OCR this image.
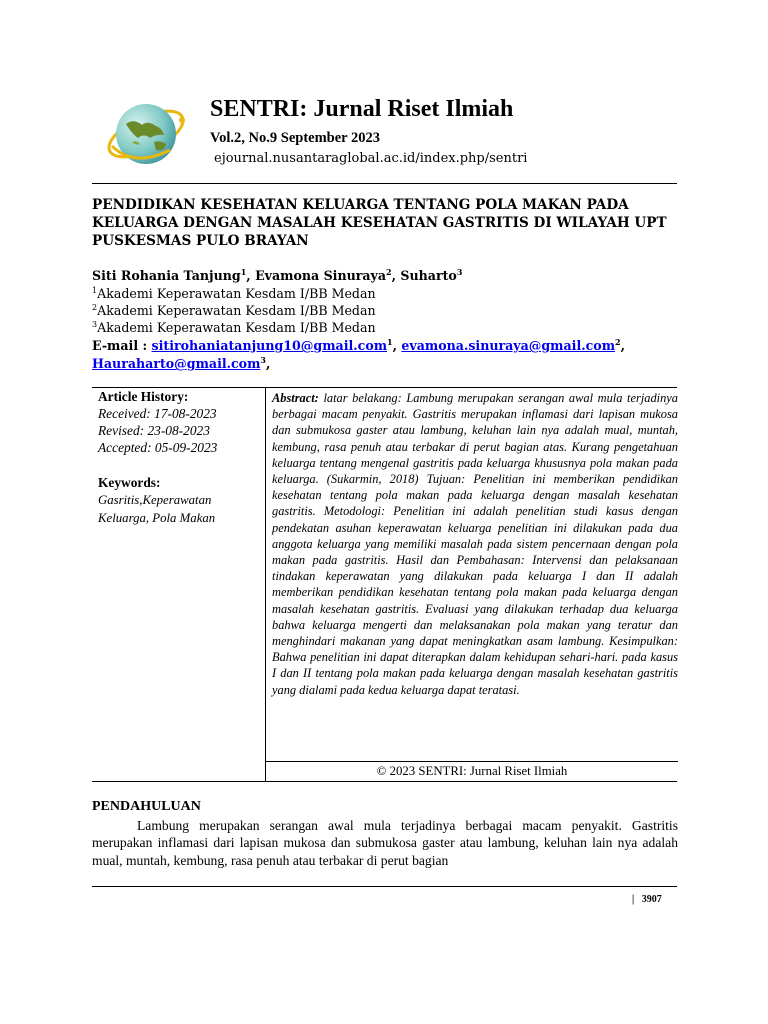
SENTRI: Jurnal Riset Ilmiah
Vol.2, No.9 September 2023
ejournal.nusantaraglobal.ac.id/index.php/sentri
PENDIDIKAN KESEHATAN KELUARGA TENTANG POLA MAKAN PADA KELUARGA DENGAN MASALAH KESEHATAN GASTRITIS DI WILAYAH UPT PUSKESMAS PULO BRAYAN
Siti Rohania Tanjung$^1$, Evamona Sinuraya$^2$, Suharto$^3$
$^1$Akademi Keperawatan Kesdam I/BB Medan
$^2$Akademi Keperawatan Kesdam I/BB Medan
$^3$Akademi Keperawatan Kesdam I/BB Medan
E-mail : sitirohaniatanjung10@gmail.com$^1$, evamona.sinuraya@gmail.com$^2$, Hauraharto@gmail.com$^3$,
Article History:
Received: 17-08-2023
Revised: 23-08-2023
Accepted: 05-09-2023
Keywords:
Gasritis,Keperawatan
Keluarga, Pola Makan
Abstract: latar belakang: Lambung merupakan serangan awal mula terjadinya berbagai macam penyakit. Gastritis merupakan inflamasi dari lapisan mukosa dan submukosa gaster atau lambung, keluhan lain nya adalah mual, muntah, kembung, rasa penuh atau terbakar di perut bagian atas. Kurang pengetahuan keluarga tentang mengenal gastritis pada keluarga khususnya pola makan pada keluarga. (Sukarmin, 2018) Tujuan: Penelitian ini memberikan pendidikan kesehatan tentang pola makan pada keluarga dengan masalah kesehatan gastritis. Metodologi: Penelitian ini adalah penelitian studi kasus dengan pendekatan asuhan keperawatan keluarga penelitian ini dilakukan pada dua anggota keluarga yang memiliki masalah pada sistem pencernaan dengan pola makan pada gastritis. Hasil dan Pembahasan: Intervensi dan pelaksanaan tindakan keperawatan yang dilakukan pada keluarga I dan II adalah memberikan pendidikan kesehatan tentang pola makan pada keluarga dengan masalah kesehatan gastritis. Evaluasi yang dilakukan terhadap dua keluarga bahwa keluarga mengerti dan melaksanakan pola makan yang teratur dan menghindari makanan yang dapat meningkatkan asam lambung. Kesimpulkan: Bahwa penelitian ini dapat diterapkan dalam kehidupan sehari-hari. pada kasus I dan II tentang pola makan pada keluarga dengan masalah kesehatan gastritis yang dialami pada kedua keluarga dapat teratasi.
© 2023 SENTRI: Jurnal Riset Ilmiah
PENDAHULUAN
Lambung merupakan serangan awal mula terjadinya berbagai macam penyakit. Gastritis merupakan inflamasi dari lapisan mukosa dan submukosa gaster atau lambung, keluhan lain nya adalah mual, muntah, kembung, rasa penuh atau terbakar di perut bagian
| 3907
